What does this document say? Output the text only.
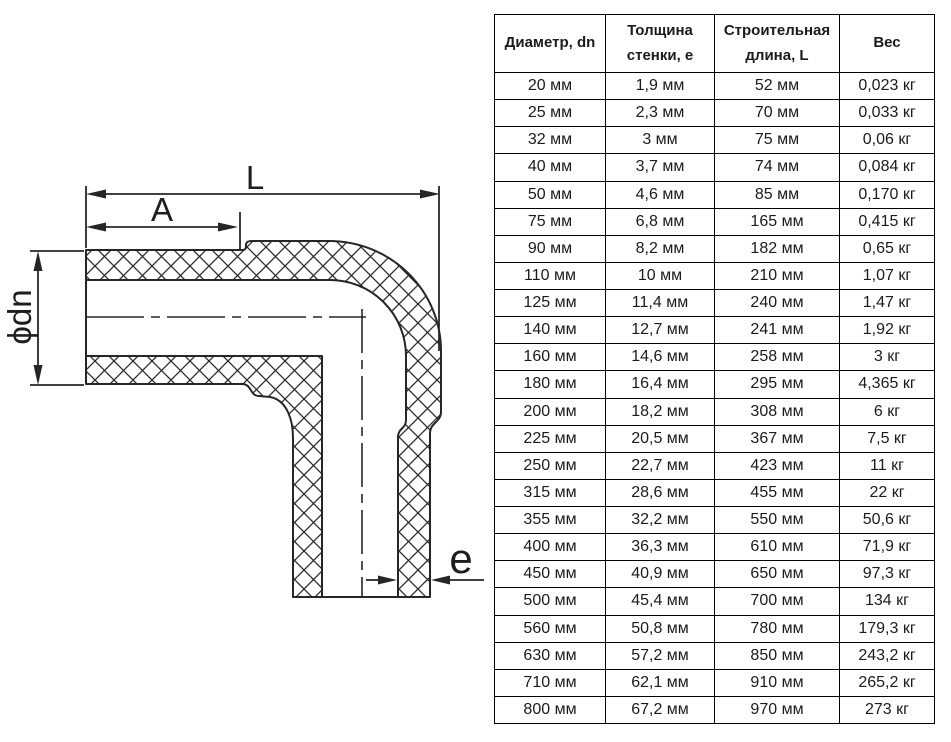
L
A
ϕdn
e
Диаметр, dn	Толщина стенки, e	Строительная длина, L	Вес
20 мм	1,9 мм	52 мм	0,023 кг
25 мм	2,3 мм	70 мм	0,033 кг
32 мм	3 мм	75 мм	0,06 кг
40 мм	3,7 мм	74 мм	0,084 кг
50 мм	4,6 мм	85 мм	0,170 кг
75 мм	6,8 мм	165 мм	0,415 кг
90 мм	8,2 мм	182 мм	0,65 кг
110 мм	10 мм	210 мм	1,07 кг
125 мм	11,4 мм	240 мм	1,47 кг
140 мм	12,7 мм	241 мм	1,92 кг
160 мм	14,6 мм	258 мм	3 кг
180 мм	16,4 мм	295 мм	4,365 кг
200 мм	18,2 мм	308 мм	6 кг
225 мм	20,5 мм	367 мм	7,5 кг
250 мм	22,7 мм	423 мм	11 кг
315 мм	28,6 мм	455 мм	22 кг
355 мм	32,2 мм	550 мм	50,6 кг
400 мм	36,3 мм	610 мм	71,9 кг
450 мм	40,9 мм	650 мм	97,3 кг
500 мм	45,4 мм	700 мм	134 кг
560 мм	50,8 мм	780 мм	179,3 кг
630 мм	57,2 мм	850 мм	243,2 кг
710 мм	62,1 мм	910 мм	265,2 кг
800 мм	67,2 мм	970 мм	273 кг
